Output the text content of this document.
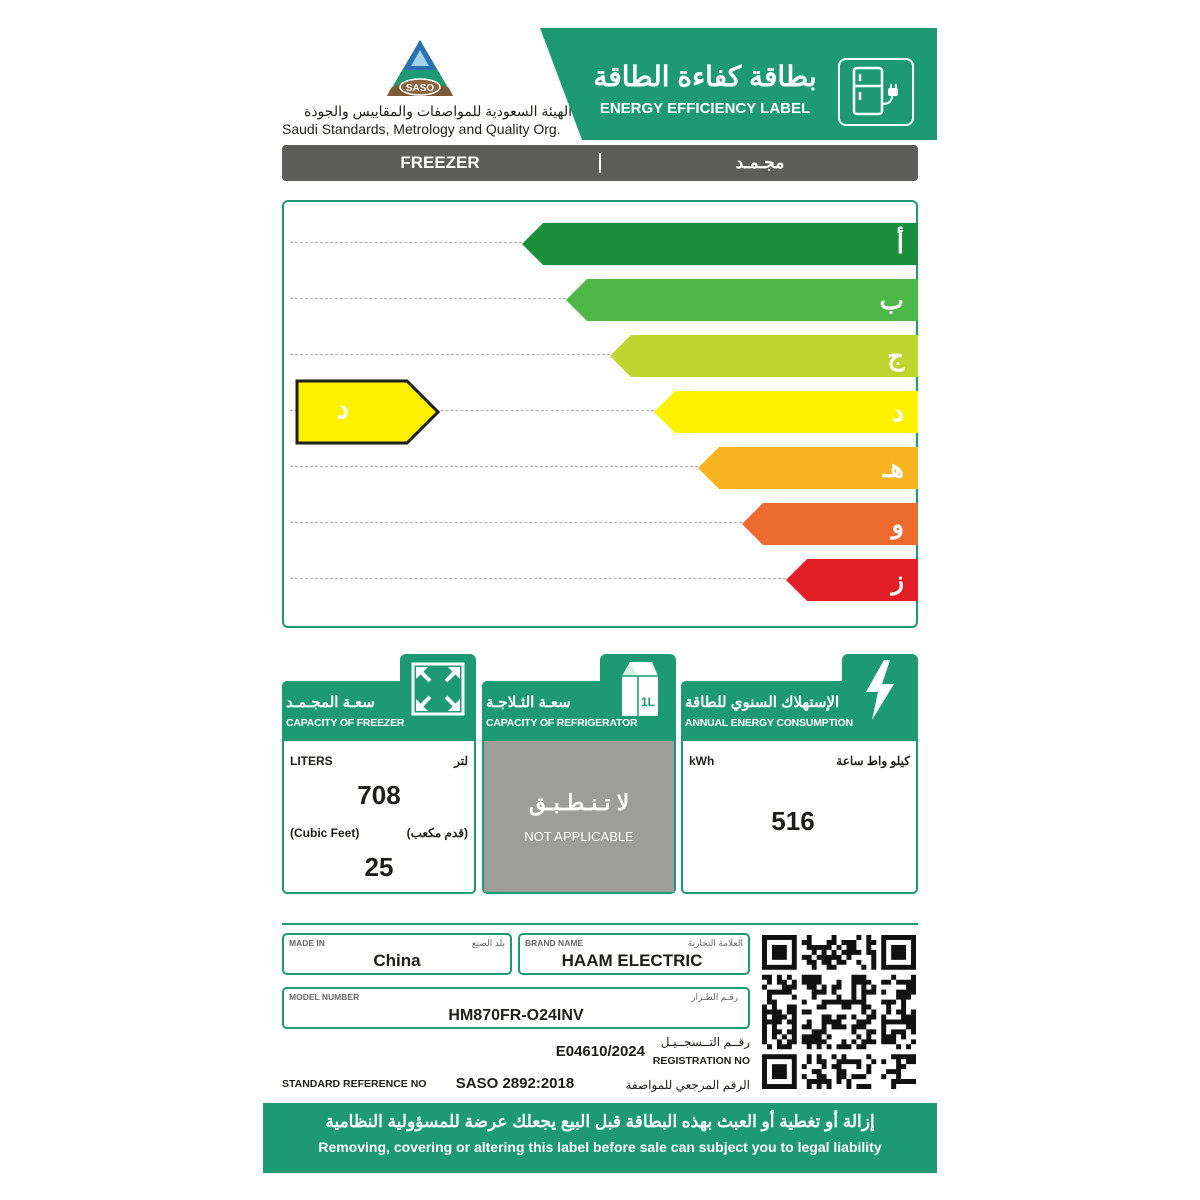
SASO
الهيئة السعودية للمواصفات والمقاييس والجودة
Saudi Standards, Metrology and Quality Org.
بطاقة كفاءة الطاقة
ENERGY EFFICIENCY LABEL
FREEZER	مجـمـد
أ
ب
ج
د
هـ
و
ز
د
سعـة المجـمـد
CAPACITY OF FREEZER
LITERS	لتر
708
(Cubic Feet)	(قدم مكعب)
25
1L
سعـة الثـلاجـة
CAPACITY OF REFRIGERATOR
لا تـنـطـبـق
NOT APPLICABLE
الإستهلاك السنوي للطاقة
ANNUAL ENERGY CONSUMPTION
kWh	كيلو واط ساعة
516
MADE IN	بلد الصنع
China
BRAND NAME	العلامة التجارية
HAAM ELECTRIC
MODEL NUMBER	رقـم الطـراز
HM870FR-O24INV
E04610/2024
رقــم التــسجــيـل
REGISTRATION NO
STANDARD REFERENCE NO	SASO 2892:2018	الرقم المرجعي للمواصفة
إزالة أو تغطية أو العبث بهذه البطاقة قبل البيع يجعلك عرضة للمسؤولية النظامية
Removing, covering or altering this label before sale can subject you to legal liability
